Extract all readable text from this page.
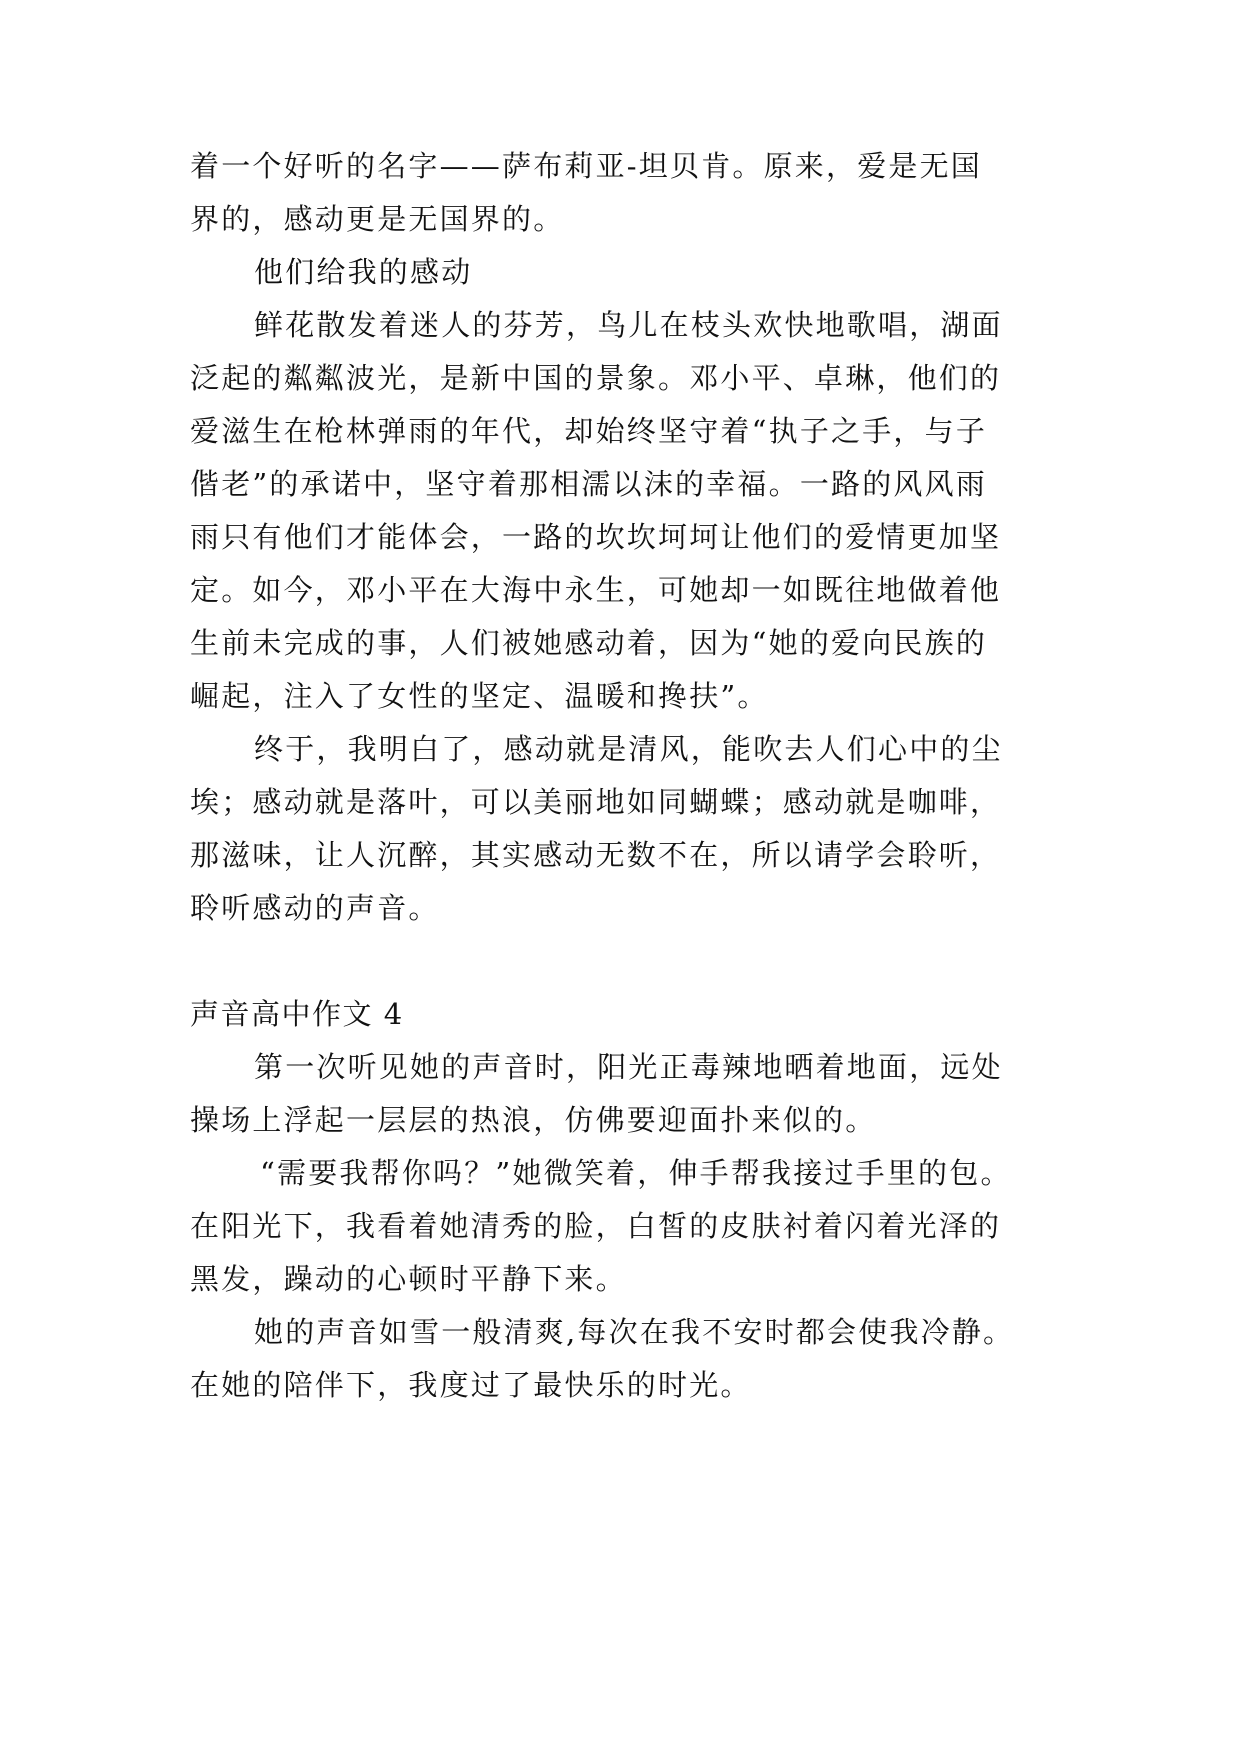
着一个好听的名字——萨布莉亚-坦贝肯。原来，爱是无国
界的，感动更是无国界的。
他们给我的感动
鲜花散发着迷人的芬芳，鸟儿在枝头欢快地歌唱，湖面
泛起的粼粼波光，是新中国的景象。邓小平、卓琳，他们的
爱滋生在枪林弹雨的年代，却始终坚守着“执子之手，与子
偕老”的承诺中，坚守着那相濡以沫的幸福。一路的风风雨
雨只有他们才能体会，一路的坎坎坷坷让他们的爱情更加坚
定。如今，邓小平在大海中永生，可她却一如既往地做着他
生前未完成的事，人们被她感动着，因为“她的爱向民族的
崛起，注入了女性的坚定、温暖和搀扶”。
终于，我明白了，感动就是清风，能吹去人们心中的尘
埃；感动就是落叶，可以美丽地如同蝴蝶；感动就是咖啡，
那滋味，让人沉醉，其实感动无数不在，所以请学会聆听，
聆听感动的声音。
声音高中作文 4
第一次听见她的声音时，阳光正毒辣地晒着地面，远处
操场上浮起一层层的热浪，仿佛要迎面扑来似的。
“需要我帮你吗？”她微笑着，伸手帮我接过手里的包。
在阳光下，我看着她清秀的脸，白皙的皮肤衬着闪着光泽的
黑发，躁动的心顿时平静下来。
她的声音如雪一般清爽,每次在我不安时都会使我冷静。
在她的陪伴下，我度过了最快乐的时光。
